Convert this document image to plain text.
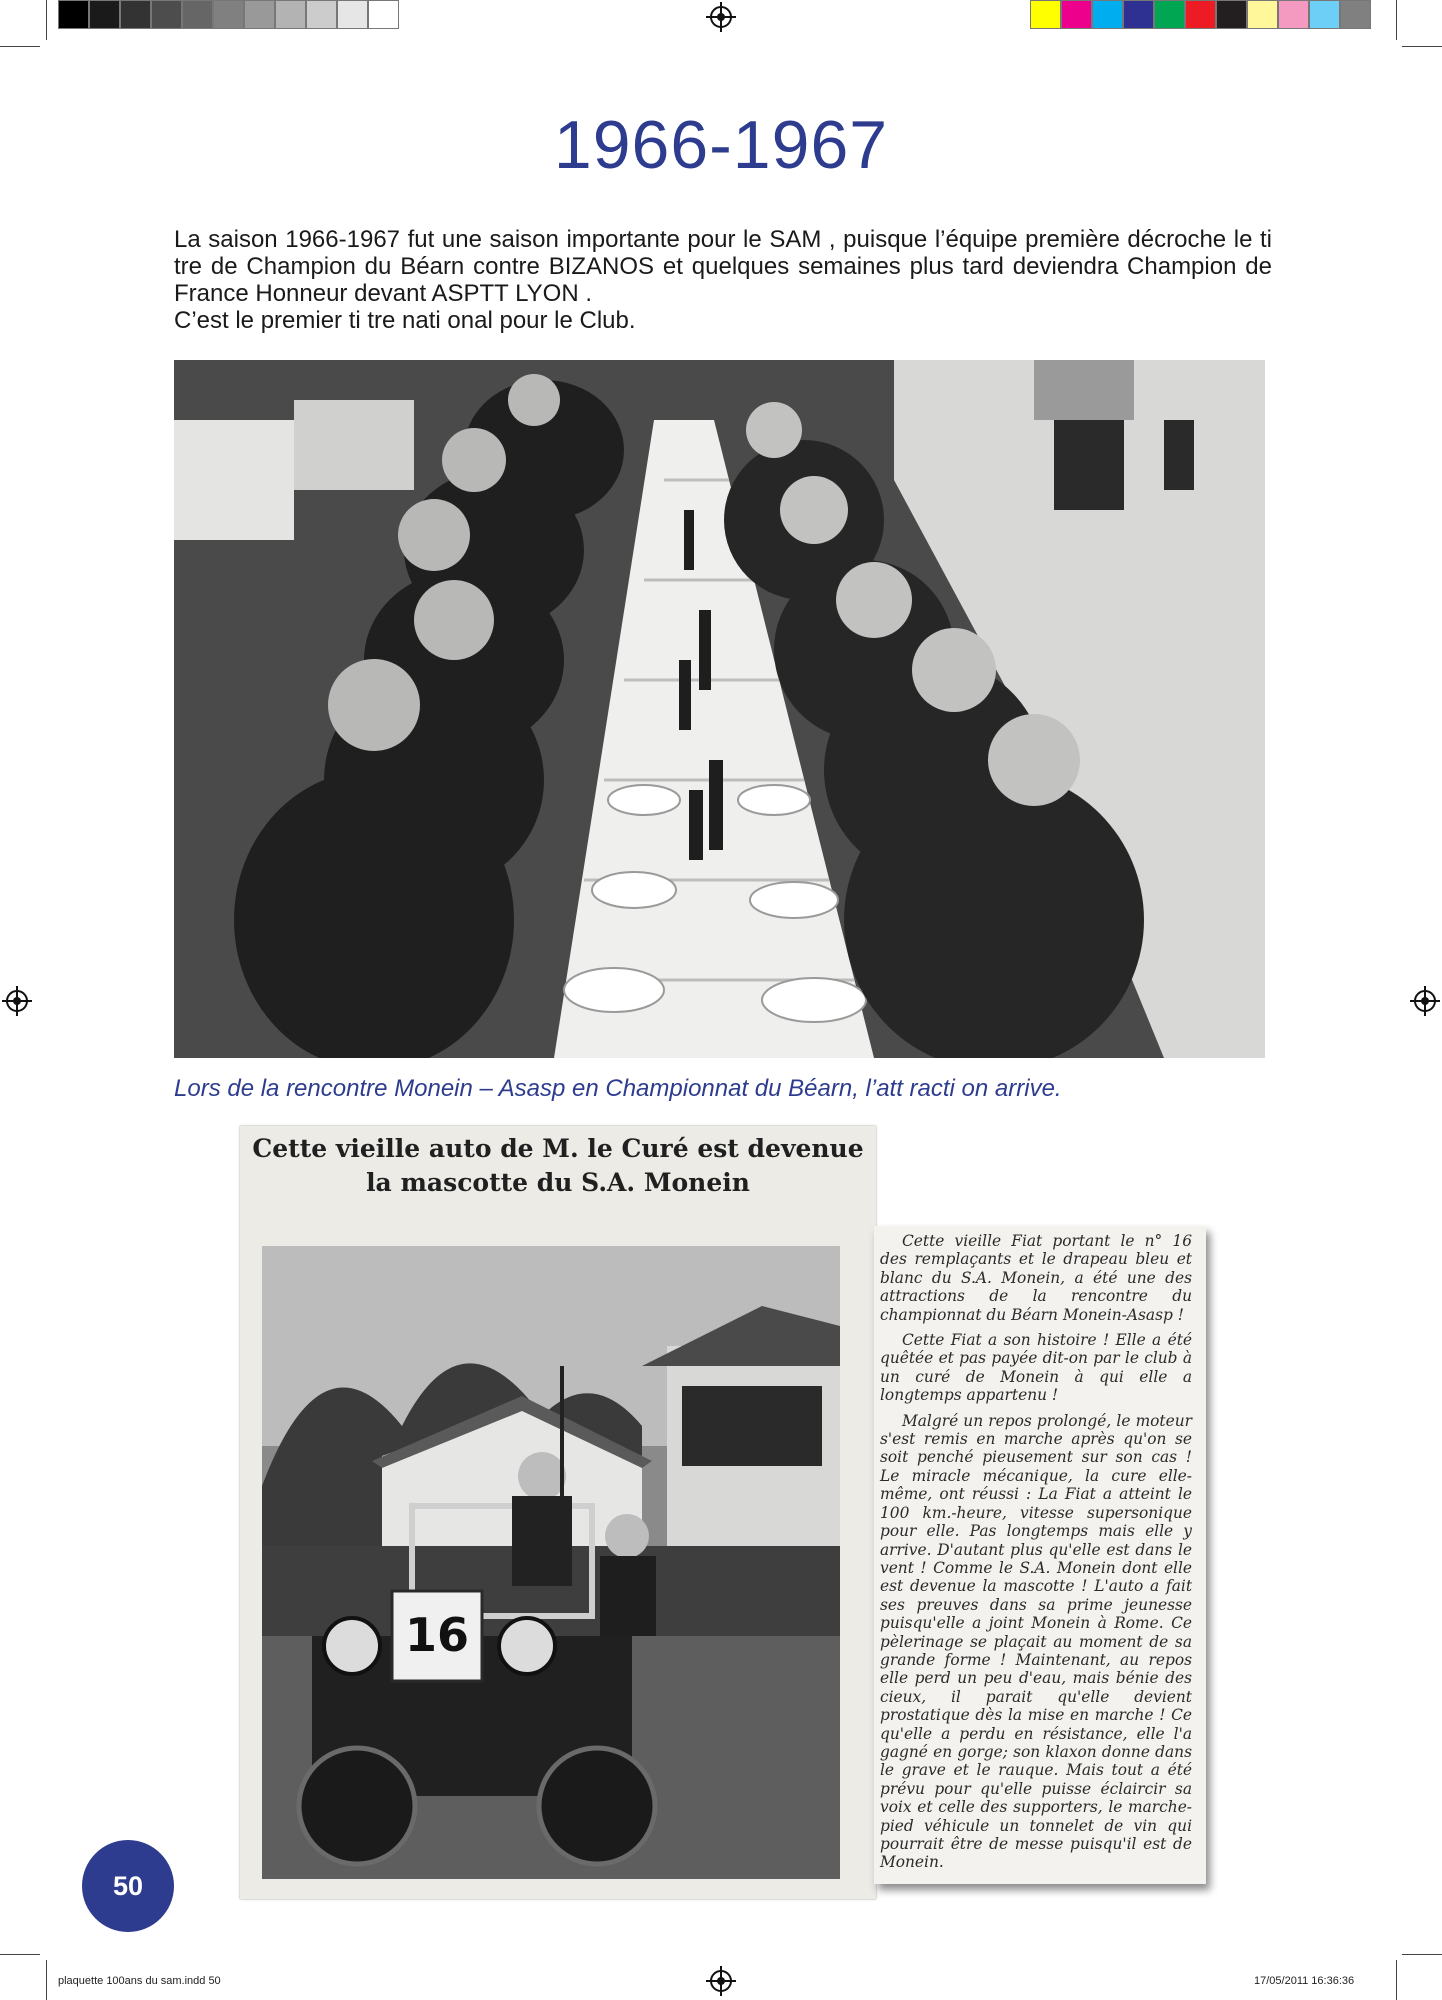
1966-1967

La saison 1966-1967 fut une saison importante pour le SAM , puisque l’équipe première décroche le ti tre de Champion du Béarn contre BIZANOS et quelques semaines plus tard deviendra Champion de France Honneur devant ASPTT LYON .

C’est le premier ti tre nati onal pour le Club.

Lors de la rencontre Monein – Asasp en Championnat du Béarn, l’att racti on arrive.
Cette vieille auto de M. le Curé est devenue
la mascotte du S.A. Monein
16

Cette vieille Fiat portant le n° 16 des remplaçants et le drapeau bleu et blanc du S.A. Monein, a été une des attractions de la rencontre du championnat du Béarn Monein-Asasp !

Cette Fiat a son histoire ! Elle a été quêtée et pas payée dit-on par le club à un curé de Monein à qui elle a longtemps appartenu !

Malgré un repos prolongé, le moteur s'est remis en marche après qu'on se soit penché pieusement sur son cas ! Le miracle mécanique, la cure elle-même, ont réussi : La Fiat a atteint le 100 km.-heure, vitesse supersonique pour elle. Pas longtemps mais elle y arrive. D'autant plus qu'elle est dans le vent ! Comme le S.A. Monein dont elle est devenue la mascotte ! L'auto a fait ses preuves dans sa prime jeunesse puisqu'elle a joint Monein à Rome. Ce pèlerinage se plaçait au moment de sa grande forme ! Maintenant, au repos elle perd un peu d'eau, mais bénie des cieux, il parait qu'elle devient prostatique dès la mise en marche ! Ce qu'elle a perdu en résistance, elle l'a gagné en gorge; son klaxon donne dans le grave et le rauque. Mais tout a été prévu pour qu'elle puisse éclaircir sa voix et celle des supporters, le marche-pied véhicule un tonnelet de vin qui pourrait être de messe puisqu'il est de Monein.

50
plaquette 100ans du sam.indd 50	17/05/2011 16:36:36
